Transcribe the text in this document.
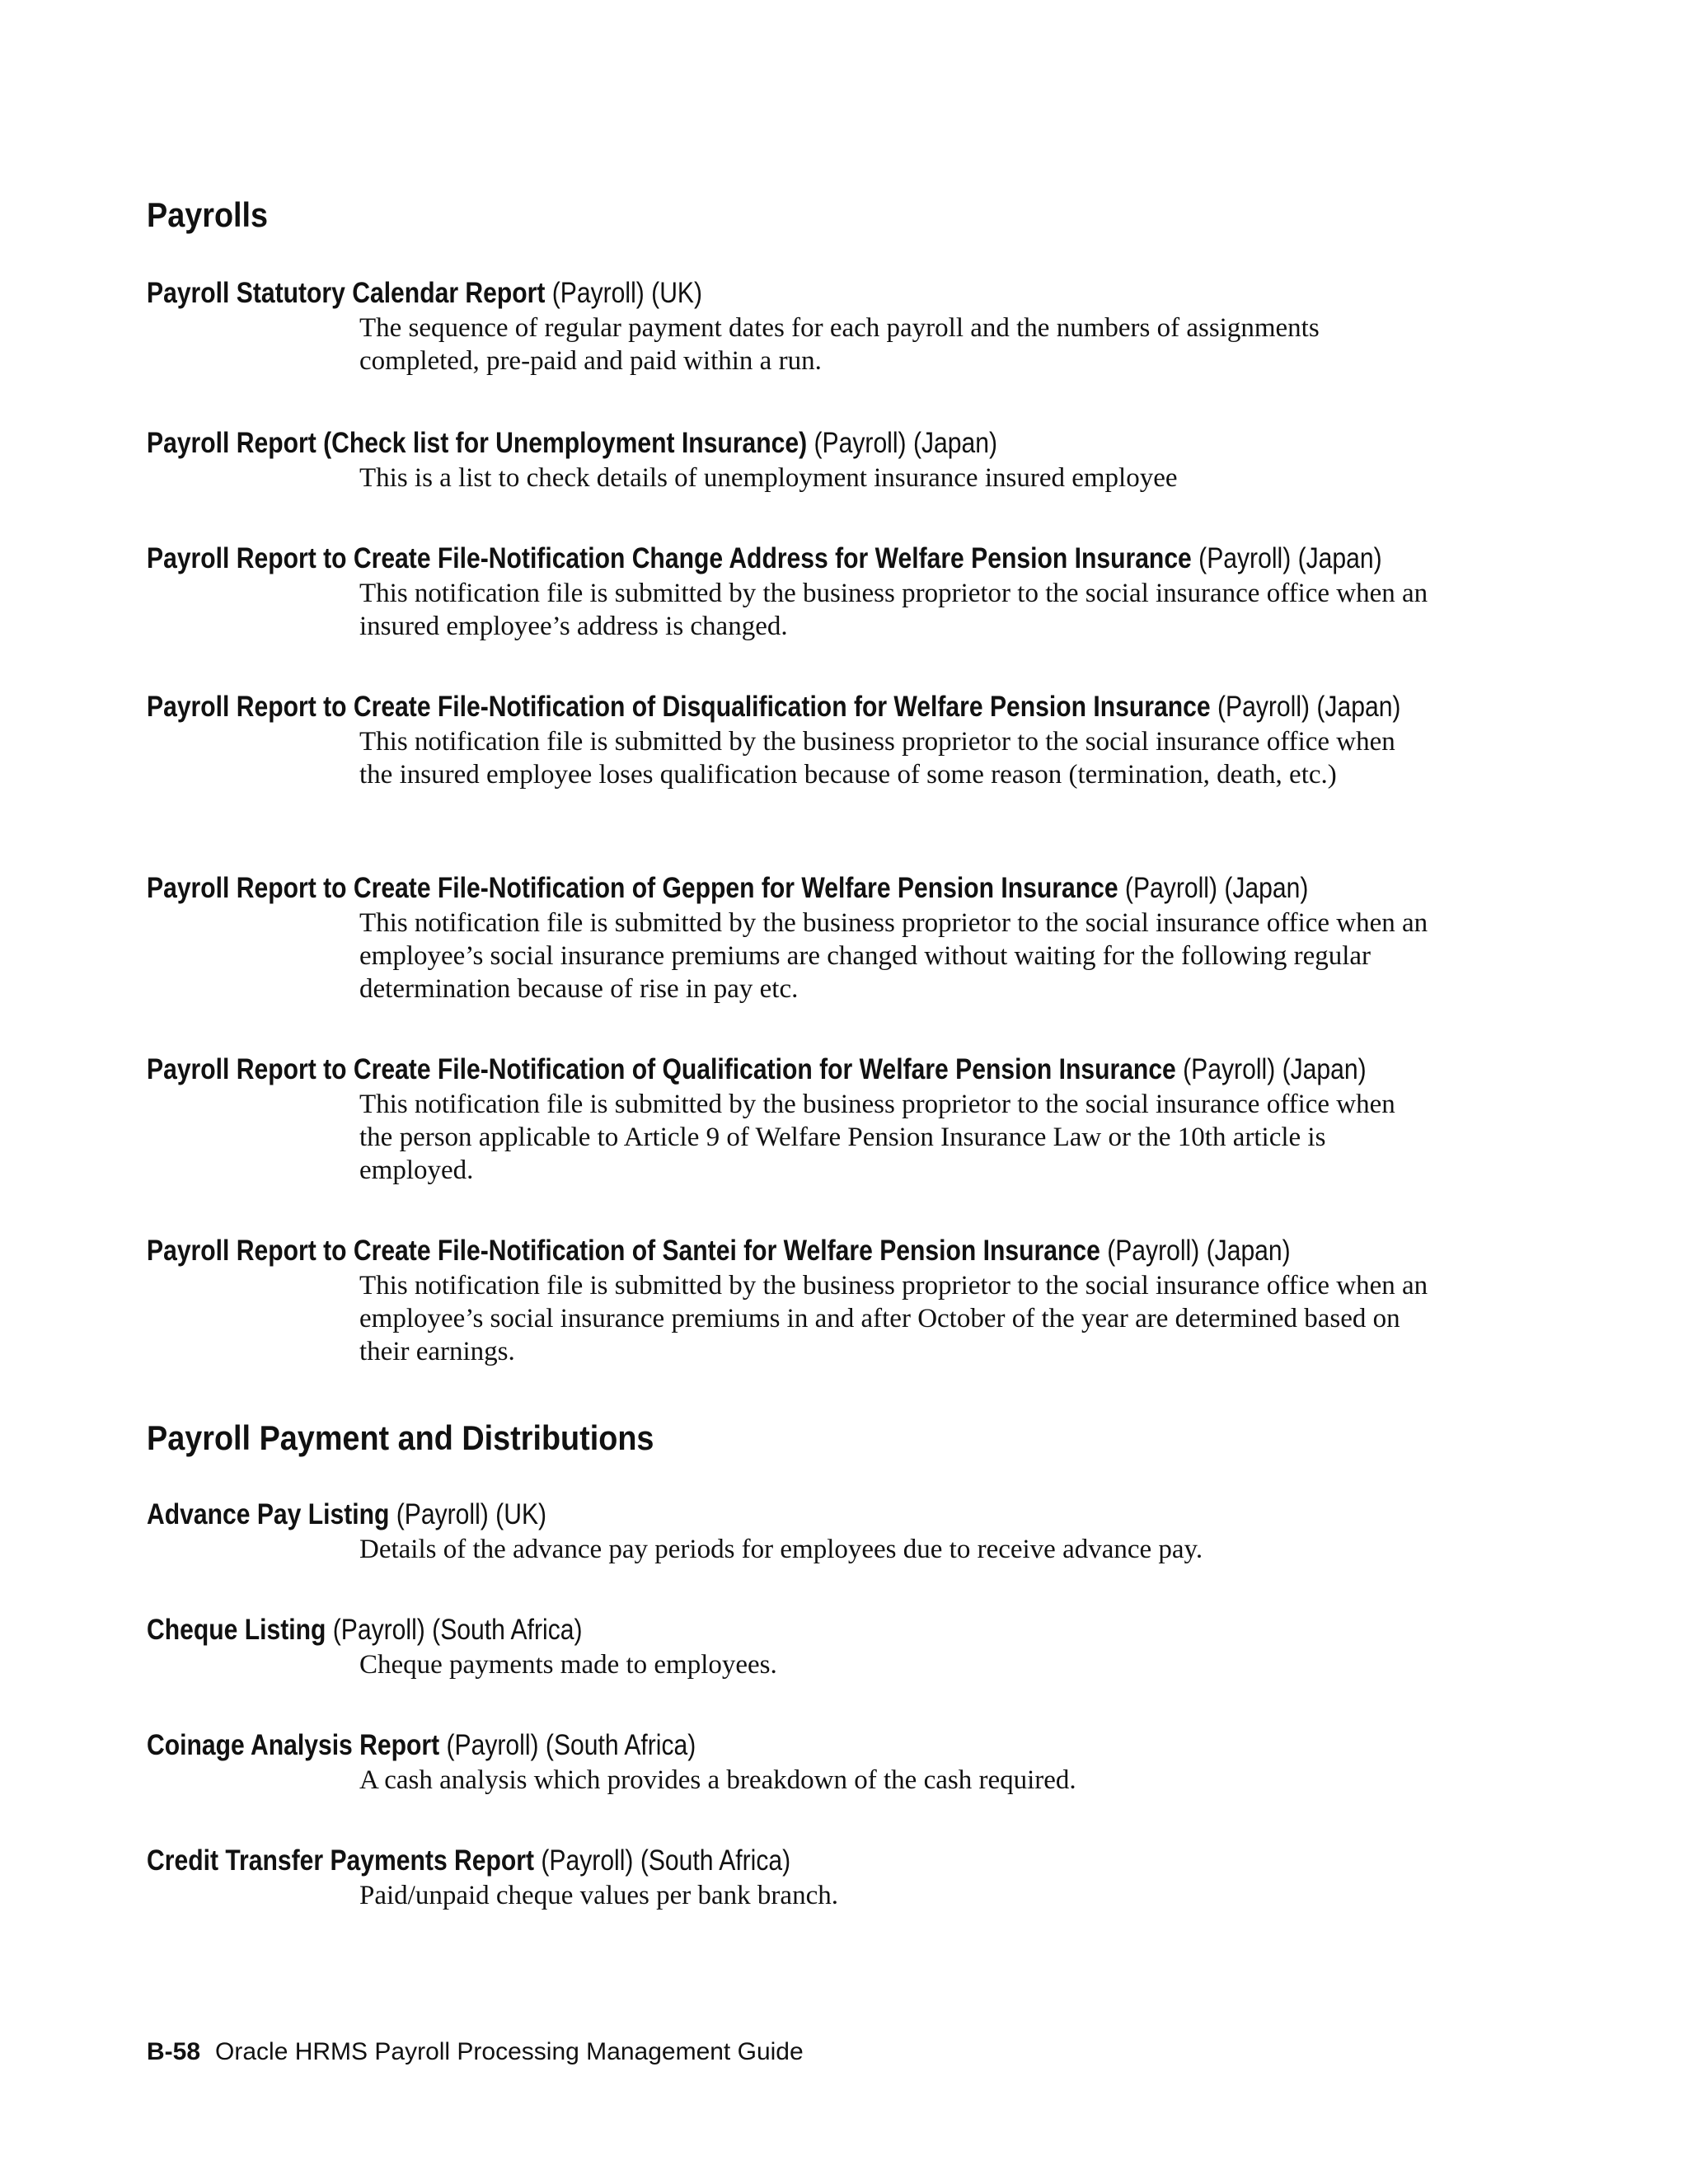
Payrolls

Payroll Statutory Calendar Report (Payroll) (UK)

The sequence of regular payment dates for each payroll and the numbers of assignments completed, pre-paid and paid within a run.

Payroll Report (Check list for Unemployment Insurance) (Payroll) (Japan)

This is a list to check details of unemployment insurance insured employee

Payroll Report to Create File-Notification Change Address for Welfare Pension Insurance (Payroll) (Japan)

This notification file is submitted by the business proprietor to the social insurance office when an insured employee’s address is changed.

Payroll Report to Create File-Notification of Disqualification for Welfare Pension Insurance (Payroll) (Japan)

This notification file is submitted by the business proprietor to the social insurance office when the insured employee loses qualification because of some reason (termination, death, etc.)

Payroll Report to Create File-Notification of Geppen for Welfare Pension Insurance (Payroll) (Japan)

This notification file is submitted by the business proprietor to the social insurance office when an employee’s social insurance premiums are changed without waiting for the following regular determination because of rise in pay etc.

Payroll Report to Create File-Notification of Qualification for Welfare Pension Insurance (Payroll) (Japan)

This notification file is submitted by the business proprietor to the social insurance office when the person applicable to Article 9 of Welfare Pension Insurance Law or the 10th article is employed.

Payroll Report to Create File-Notification of Santei for Welfare Pension Insurance (Payroll) (Japan)

This notification file is submitted by the business proprietor to the social insurance office when an employee’s social insurance premiums in and after October of the year are determined based on their earnings.

Payroll Payment and Distributions

Advance Pay Listing (Payroll) (UK)

Details of the advance pay periods for employees due to receive advance pay.

Cheque Listing (Payroll) (South Africa)

Cheque payments made to employees.

Coinage Analysis Report (Payroll) (South Africa)

A cash analysis which provides a breakdown of the cash required.

Credit Transfer Payments Report (Payroll) (South Africa)

Paid/unpaid cheque values per bank branch.

B-58 Oracle HRMS Payroll Processing Management Guide
